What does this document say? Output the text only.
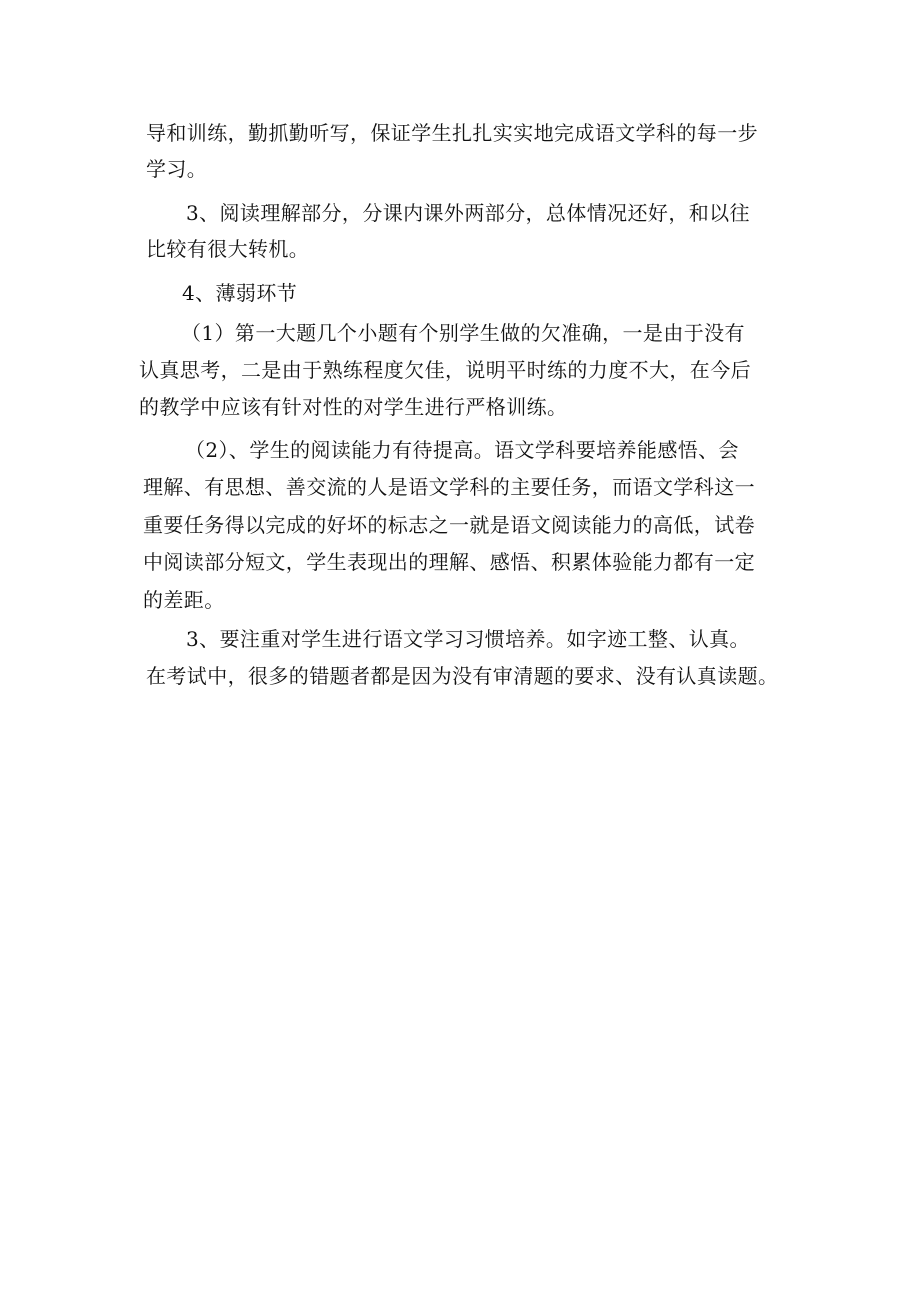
导和训练，勤抓勤听写，保证学生扎扎实实地完成语文学科的每一步
学习。
3、阅读理解部分，分课内课外两部分，总体情况还好，和以往
比较有很大转机。
4、薄弱环节
（1）第一大题几个小题有个别学生做的欠准确，一是由于没有
认真思考，二是由于熟练程度欠佳，说明平时练的力度不大，在今后
的教学中应该有针对性的对学生进行严格训练。
（2）、学生的阅读能力有待提高。语文学科要培养能感悟、会
理解、有思想、善交流的人是语文学科的主要任务，而语文学科这一
重要任务得以完成的好坏的标志之一就是语文阅读能力的高低，试卷
中阅读部分短文，学生表现出的理解、感悟、积累体验能力都有一定
的差距。
3、要注重对学生进行语文学习习惯培养。如字迹工整、认真。
在考试中，很多的错题者都是因为没有审清题的要求、没有认真读题。
